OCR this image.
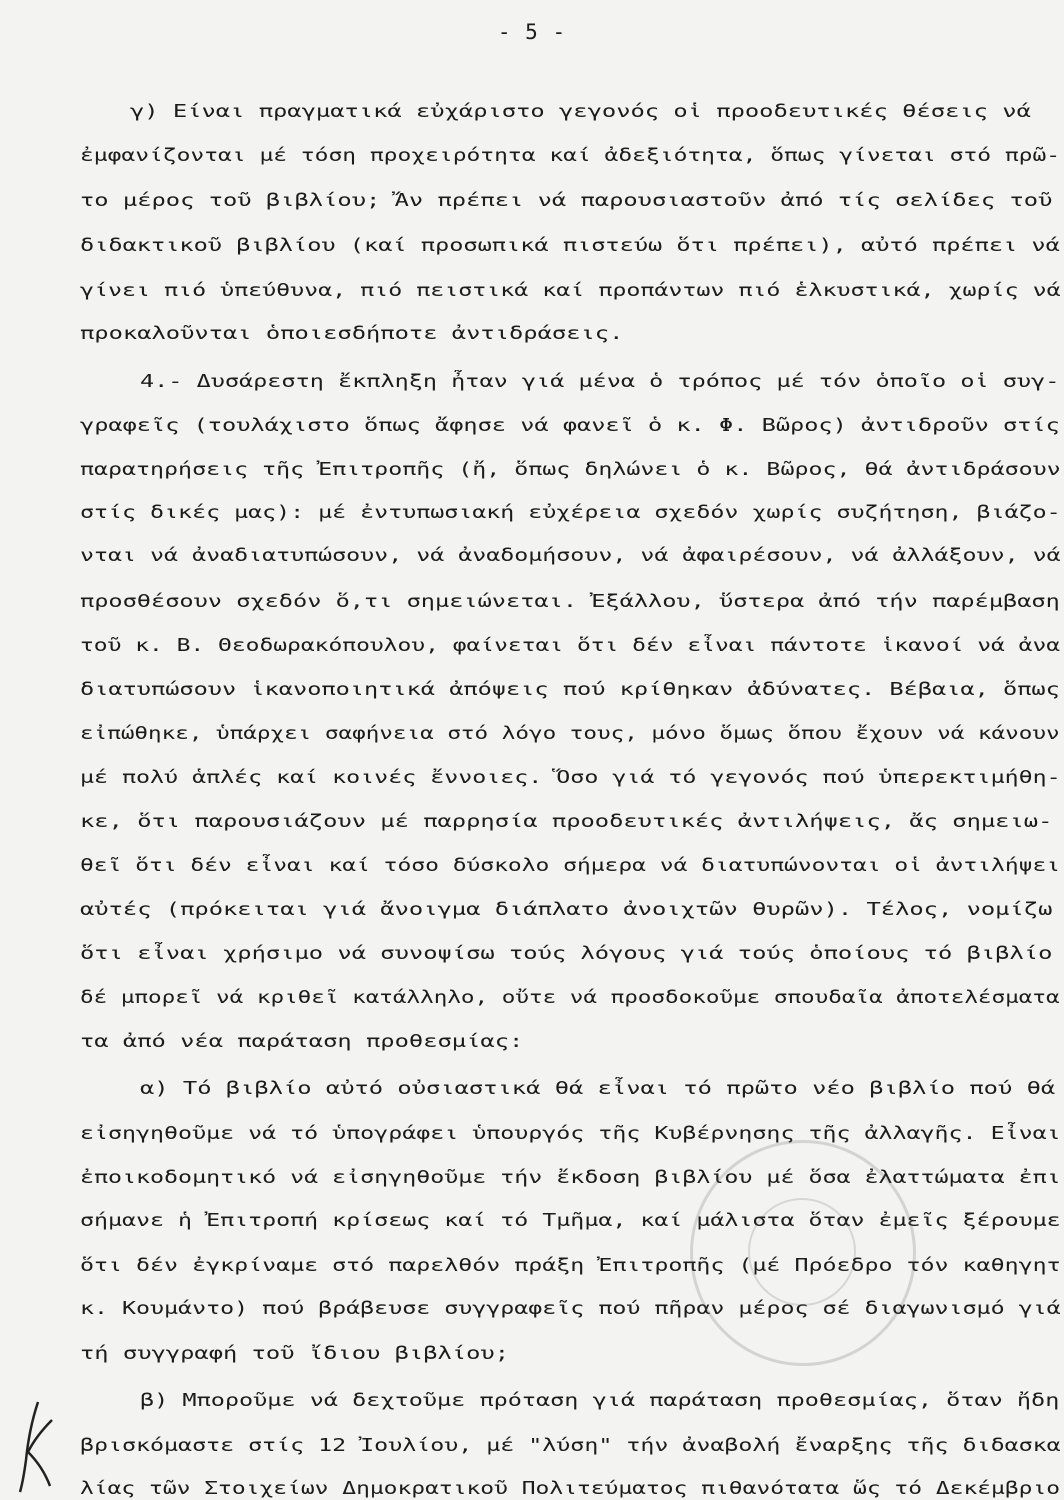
- 5 -
γ) Είναι πραγματικά εὐχάριστο γεγονός οἱ προοδευτικές θέσεις νά
ἐμφανίζονται μέ τόση προχειρότητα καί ἀδεξιότητα, ὅπως γίνεται στό πρῶ-
το μέρος τοῦ βιβλίου; Ἄν πρέπει νά παρουσιαστοῦν ἀπό τίς σελίδες τοῦ
διδακτικοῦ βιβλίου (καί προσωπικά πιστεύω ὅτι πρέπει), αὐτό πρέπει νά
γίνει πιό ὑπεύθυνα, πιό πειστικά καί προπάντων πιό ἑλκυστικά, χωρίς νά
προκαλοῦνται ὁποιεσδήποτε ἀντιδράσεις.
4.- Δυσάρεστη ἔκπληξη ἦταν γιά μένα ὁ τρόπος μέ τόν ὁποῖο οἱ συγ-
γραφεῖς (τουλάχιστο ὅπως ἄφησε νά φανεῖ ὁ κ. Φ. Βῶρος) ἀντιδροῦν στίς
παρατηρήσεις τῆς Ἐπιτροπῆς (ἤ, ὅπως δηλώνει ὁ κ. Βῶρος, θά ἀντιδράσουν
στίς δικές μας): μέ ἐντυπωσιακή εὐχέρεια σχεδόν χωρίς συζήτηση, βιάζο-
νται νά ἀναδιατυπώσουν, νά ἀναδομήσουν, νά ἀφαιρέσουν, νά ἀλλάξουν, νά
προσθέσουν σχεδόν ὅ,τι σημειώνεται. Ἐξάλλου, ὕστερα ἀπό τήν παρέμβαση
τοῦ κ. Β. Θεοδωρακόπουλου, φαίνεται ὅτι δέν εἶναι πάντοτε ἱκανοί νά ἀνα
διατυπώσουν ἱκανοποιητικά ἀπόψεις πού κρίθηκαν ἀδύνατες. Βέβαια, ὅπως
εἰπώθηκε, ὑπάρχει σαφήνεια στό λόγο τους, μόνο ὅμως ὅπου ἔχουν νά κάνουν
μέ πολύ ἁπλές καί κοινές ἔννοιες. Ὅσο γιά τό γεγονός πού ὑπερεκτιμήθη-
κε, ὅτι παρουσιάζουν μέ παρρησία προοδευτικές ἀντιλήψεις, ἄς σημειω-
θεῖ ὅτι δέν εἶναι καί τόσο δύσκολο σήμερα νά διατυπώνονται οἱ ἀντιλήψει
αὐτές (πρόκειται γιά ἄνοιγμα διάπλατο ἀνοιχτῶν θυρῶν). Τέλος, νομίζω
ὅτι εἶναι χρήσιμο νά συνοψίσω τούς λόγους γιά τούς ὁποίους τό βιβλίο
δέ μπορεῖ νά κριθεῖ κατάλληλο, οὔτε νά προσδοκοῦμε σπουδαῖα ἀποτελέσματα
τα ἀπό νέα παράταση προθεσμίας:
α) Τό βιβλίο αὐτό οὐσιαστικά θά εἶναι τό πρῶτο νέο βιβλίο πού θά
εἰσηγηθοῦμε νά τό ὑπογράφει ὑπουργός τῆς Κυβέρνησης τῆς ἀλλαγῆς. Εἶναι
ἐποικοδομητικό νά εἰσηγηθοῦμε τήν ἔκδοση βιβλίου μέ ὅσα ἐλαττώματα ἐπι
σήμανε ἡ Ἐπιτροπή κρίσεως καί τό Τμῆμα, καί μάλιστα ὅταν ἐμεῖς ξέρουμε
ὅτι δέν ἐγκρίναμε στό παρελθόν πράξη Ἐπιτροπῆς (μέ Πρόεδρο τόν καθηγητ
κ. Κουμάντο) πού βράβευσε συγγραφεῖς πού πῆραν μέρος σέ διαγωνισμό γιά
τή συγγραφή τοῦ ἴδιου βιβλίου;
β) Μποροῦμε νά δεχτοῦμε πρόταση γιά παράταση προθεσμίας, ὅταν ἤδη
βρισκόμαστε στίς 12 Ἰουλίου, μέ "λύση" τήν ἀναβολή ἔναρξης τῆς διδασκα
λίας τῶν Στοιχείων Δημοκρατικοῦ Πολιτεύματος πιθανότατα ὥς τό Δεκέμβριο
